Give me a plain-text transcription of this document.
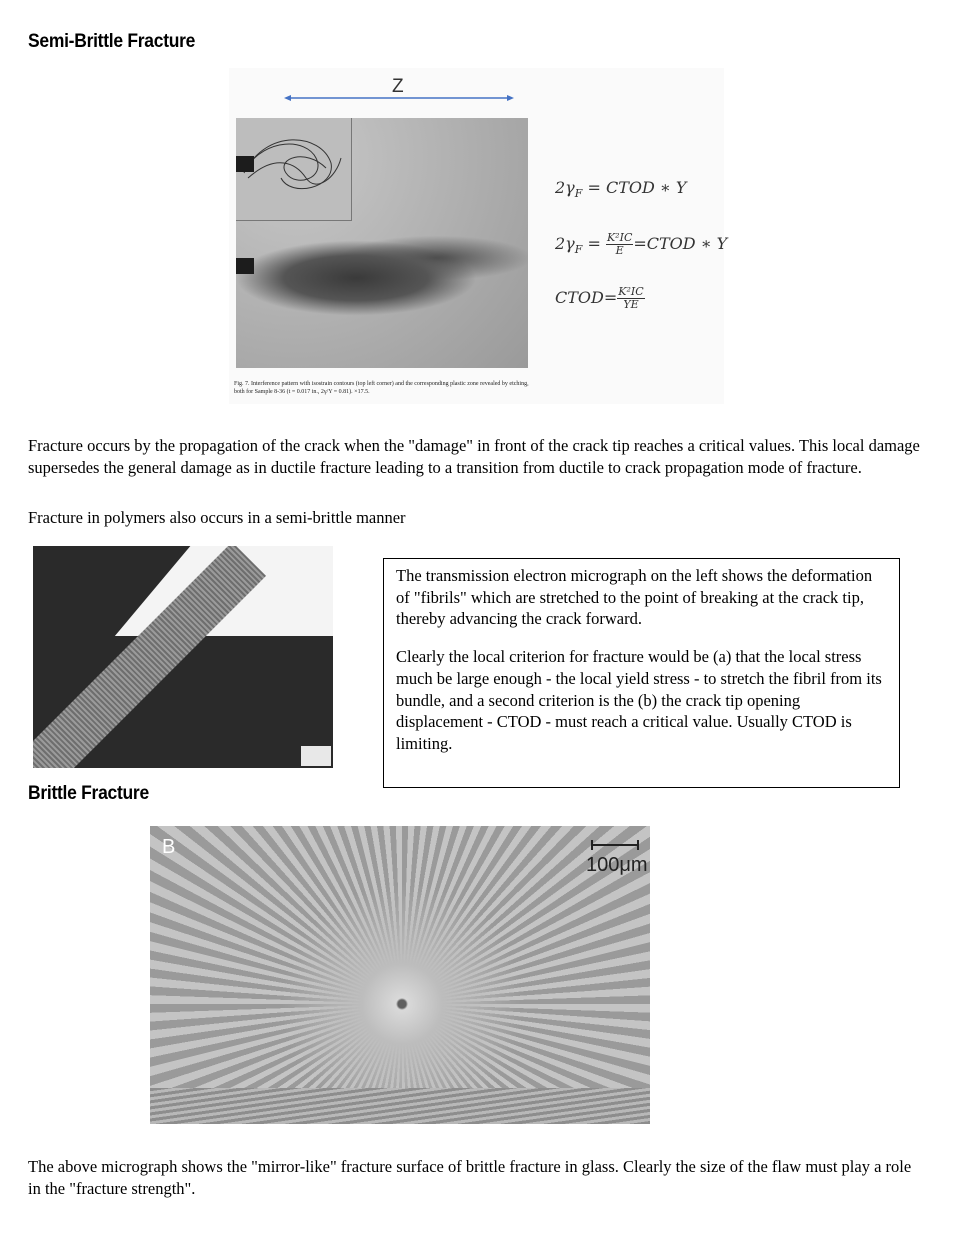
Semi-Brittle Fracture
Z

Fig. 7. Interference pattern with isostrain contours (top left corner) and the corresponding plastic zone revealed by etching, both for Sample 8-36 (t = 0.017 in., 2γ/Y = 0.81). ×17.5.

$2\gamma_F$ = CTOD ∗ Y

$2\gamma_F = \frac{\text{K²IC}}{E}$ =CTOD ∗ Y

CTOD= $\frac{\text{K²IC}}{YE}$

Fracture occurs by the propagation of the crack when the "damage" in front of the crack tip reaches a critical values. This local damage supersedes the general damage as in ductile fracture leading to a transition from ductile to crack propagation mode of fracture.

Fracture in polymers also occurs in a semi-brittle manner

The transmission electron micrograph on the left shows the deformation of "fibrils" which are stretched to the point of breaking at the crack tip, thereby advancing the crack forward.

Clearly the local criterion for fracture would be (a) that the local stress much be large enough - the local yield stress - to stretch the fibril from its bundle, and a second criterion is the (b) the crack tip opening displacement - CTOD - must reach a critical value. Usually CTOD is limiting.

Brittle Fracture
B
100μm

The above micrograph shows the "mirror-like" fracture surface of brittle fracture in glass. Clearly the size of the flaw must play a role in the "fracture strength".
